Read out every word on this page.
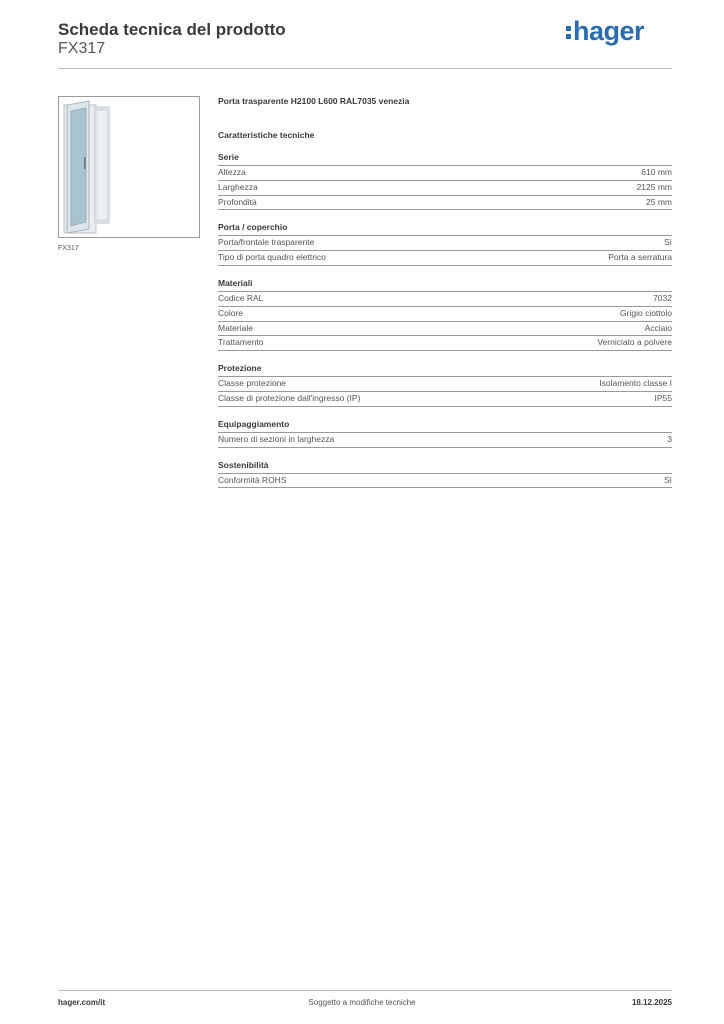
Scheda tecnica del prodotto
FX317
hager
FX317
Porta trasparente H2100 L600 RAL7035 venezia
Caratteristiche tecniche
Serie
Altezza	610 mm
Larghezza	2125 mm
Profondità	25 mm
Porta / coperchio
Porta/frontale trasparente	Sì
Tipo di porta quadro elettrico	Porta a serratura
Materiali
Codice RAL	7032
Colore	Grigio ciottolo
Materiale	Acciaio
Trattamento	Verniciato a polvere
Protezione
Classe protezione	Isolamento classe I
Classe di protezione dall'ingresso (IP)	IP55
Equipaggiamento
Numero di sezioni in larghezza	3
Sostenibilità
Conformità ROHS	Sì
hager.com/it	Soggetto a modifiche tecniche	18.12.2025
